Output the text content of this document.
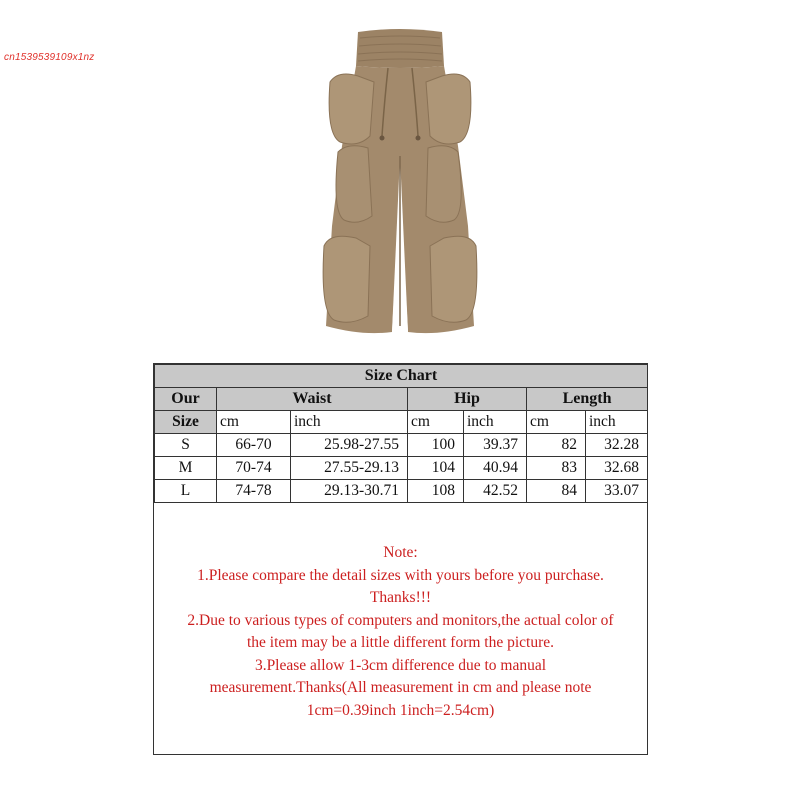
cn1539539109x1nz
Size Chart						
Our	Waist		Hip		Length	
Size	cm	inch	cm	inch	cm	inch
S	66-70	25.98-27.55	100	39.37	82	32.28
M	70-74	27.55-29.13	104	40.94	83	32.68
L	74-78	29.13-30.71	108	42.52	84	33.07
Note:
1.Please compare the detail sizes with yours before you purchase.
Thanks!!!
2.Due to various types of computers and monitors,the actual color of
the item may be a little different form the picture.
3.Please allow 1-3cm difference due to manual
measurement.Thanks(All measurement in cm and please note
1cm=0.39inch 1inch=2.54cm)
